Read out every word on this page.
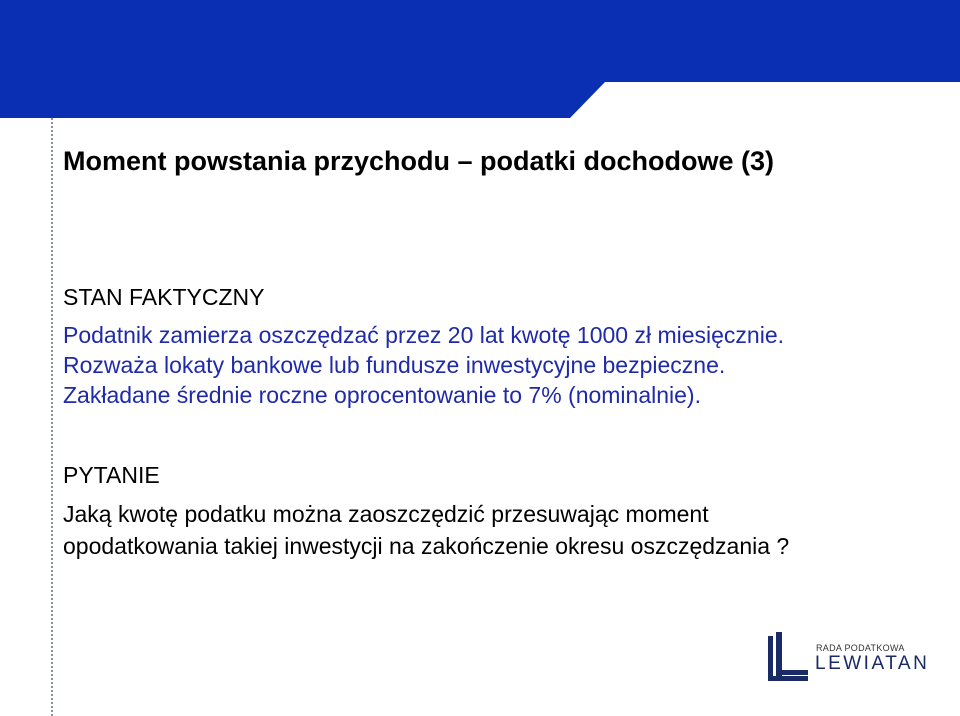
Moment powstania przychodu – podatki dochodowe (3)
STAN FAKTYCZNY
Podatnik zamierza oszczędzać przez 20 lat kwotę 1000 zł miesięcznie.
Rozważa lokaty bankowe lub fundusze inwestycyjne bezpieczne.
Zakładane średnie roczne oprocentowanie to 7% (nominalnie).
PYTANIE
Jaką kwotę podatku można zaoszczędzić przesuwając moment
opodatkowania takiej inwestycji na zakończenie okresu oszczędzania ?
RADA PODATKOWA
LEWIATAN
